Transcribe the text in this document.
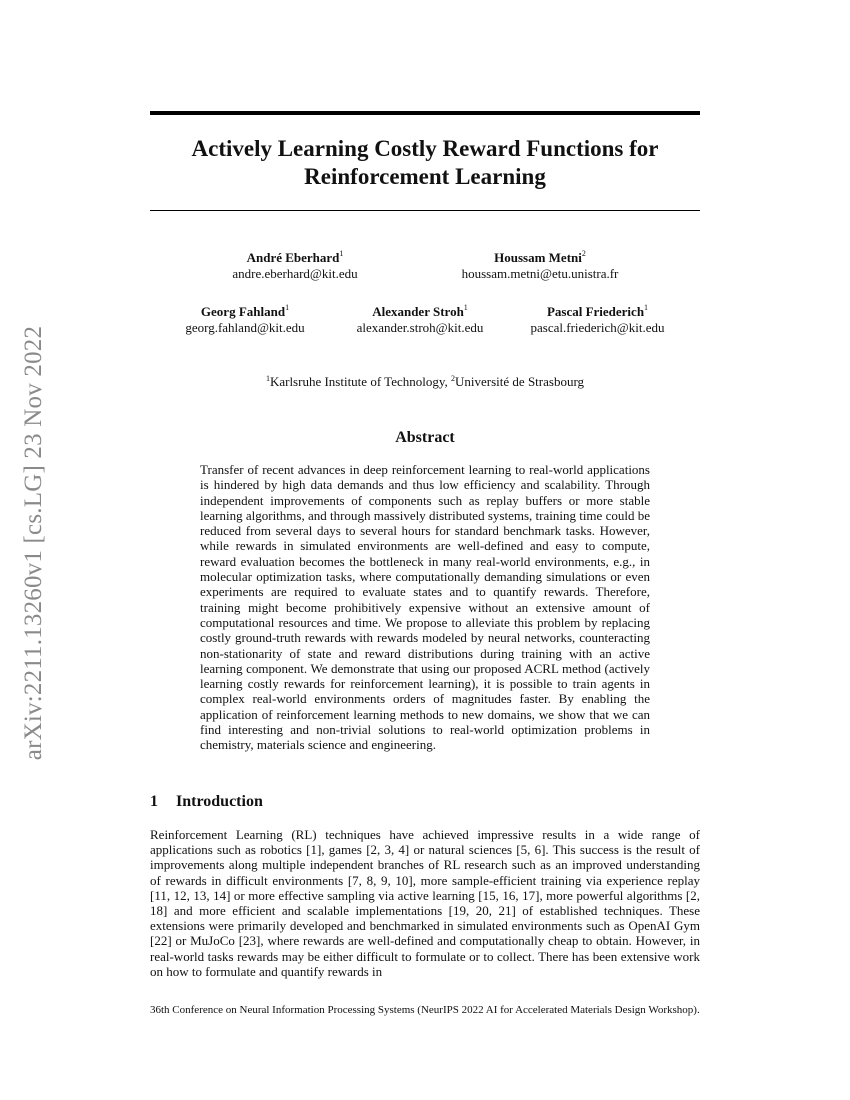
arXiv:2211.13260v1 [cs.LG] 23 Nov 2022
Actively Learning Costly Reward Functions for Reinforcement Learning
André Eberhard$^1$
andre.eberhard@kit.edu
Houssam Metni$^2$
houssam.metni@etu.unistra.fr
Georg Fahland$^1$
georg.fahland@kit.edu
Alexander Stroh$^1$
alexander.stroh@kit.edu
Pascal Friederich$^1$
pascal.friederich@kit.edu
$^1$Karlsruhe Institute of Technology, $^2$Université de Strasbourg
Abstract

Transfer of recent advances in deep reinforcement learning to real-world applications is hindered by high data demands and thus low efficiency and scalability. Through independent improvements of components such as replay buffers or more stable learning algorithms, and through massively distributed systems, training time could be reduced from several days to several hours for standard benchmark tasks. However, while rewards in simulated environments are well-defined and easy to compute, reward evaluation becomes the bottleneck in many real-world environments, e.g., in molecular optimization tasks, where computationally demanding simulations or even experiments are required to evaluate states and to quantify rewards. Therefore, training might become prohibitively expensive without an extensive amount of computational resources and time. We propose to alleviate this problem by replacing costly ground-truth rewards with rewards modeled by neural networks, counteracting non-stationarity of state and reward distributions during training with an active learning component. We demonstrate that using our proposed ACRL method (actively learning costly rewards for reinforcement learning), it is possible to train agents in complex real-world environments orders of magnitudes faster. By enabling the application of reinforcement learning methods to new domains, we show that we can find interesting and non-trivial solutions to real-world optimization problems in chemistry, materials science and engineering.

1 Introduction

Reinforcement Learning (RL) techniques have achieved impressive results in a wide range of applications such as robotics [1], games [2, 3, 4] or natural sciences [5, 6]. This success is the result of improvements along multiple independent branches of RL research such as an improved understanding of rewards in difficult environments [7, 8, 9, 10], more sample-efficient training via experience replay [11, 12, 13, 14] or more effective sampling via active learning [15, 16, 17], more powerful algorithms [2, 18] and more efficient and scalable implementations [19, 20, 21] of established techniques. These extensions were primarily developed and benchmarked in simulated environments such as OpenAI Gym [22] or MuJoCo [23], where rewards are well-defined and computationally cheap to obtain. However, in real-world tasks rewards may be either difficult to formulate or to collect. There has been extensive work on how to formulate and quantify rewards in

36th Conference on Neural Information Processing Systems (NeurIPS 2022 AI for Accelerated Materials Design Workshop).
